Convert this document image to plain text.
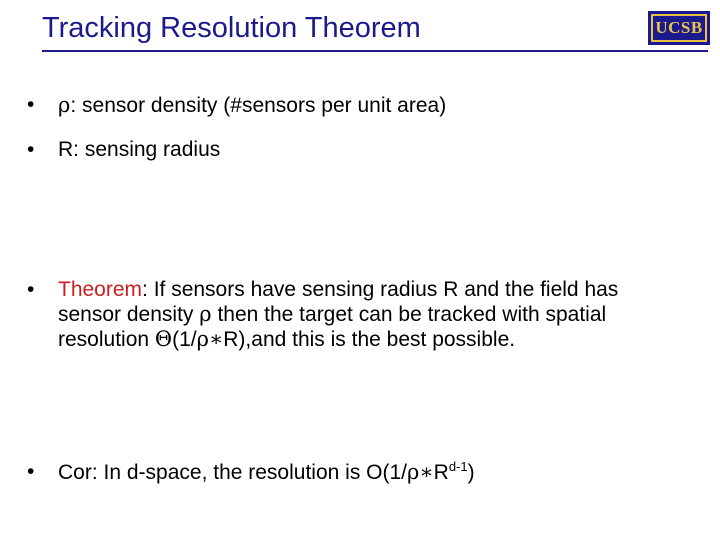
Tracking Resolution Theorem	UCSB
•	ρ: sensor density (#sensors per unit area)
•	R: sensing radius
•	Theorem: If sensors have sensing radius R and the field has sensor density ρ then the target can be tracked with spatial resolution Θ(1/ρ∗R),and this is the best possible.
•	Cor: In d-space, the resolution is $O(1/\rho∗R^{d-1})$
